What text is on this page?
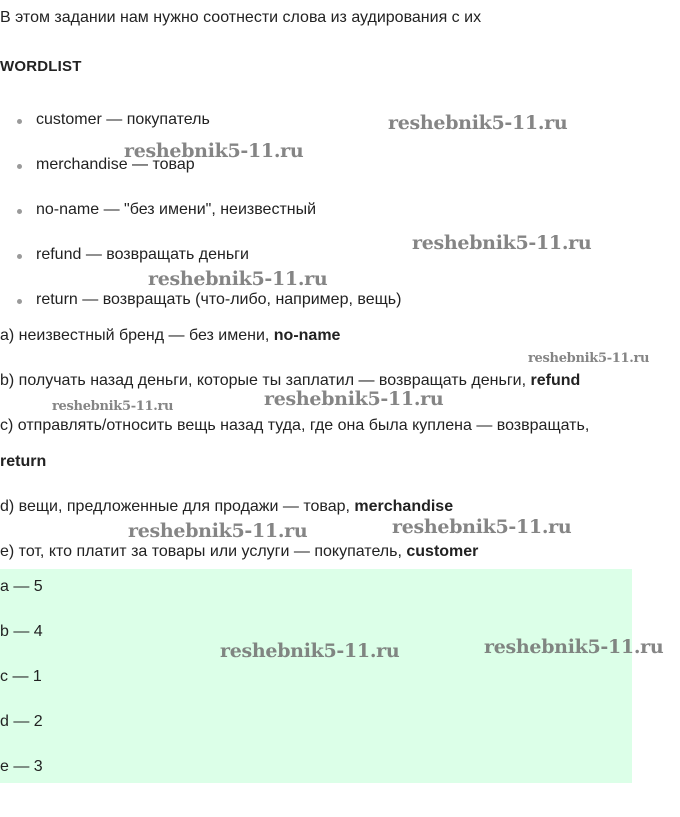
В этом задании нам нужно соотнести слова из аудирования с их
WORDLIST
customer — покупатель
merchandise — товар
no-name — "без имени", неизвестный
refund — возвращать деньги
return — возвращать (что-либо, например, вещь)
a) неизвестный бренд — без имени, no-name
b) получать назад деньги, которые ты заплатил — возвращать деньги, refund
c) отправлять/относить вещь назад туда, где она была куплена — возвращать,
return
d) вещи, предложенные для продажи — товар, merchandise
e) тот, кто платит за товары или услуги — покупатель, customer
a — 5
b — 4
c — 1
d — 2
e — 3
reshebnik5-11.ru
reshebnik5-11.ru
reshebnik5-11.ru
reshebnik5-11.ru
reshebnik5-11.ru
reshebnik5-11.ru
reshebnik5-11.ru
reshebnik5-11.ru
reshebnik5-11.ru
reshebnik5-11.ru
reshebnik5-11.ru
